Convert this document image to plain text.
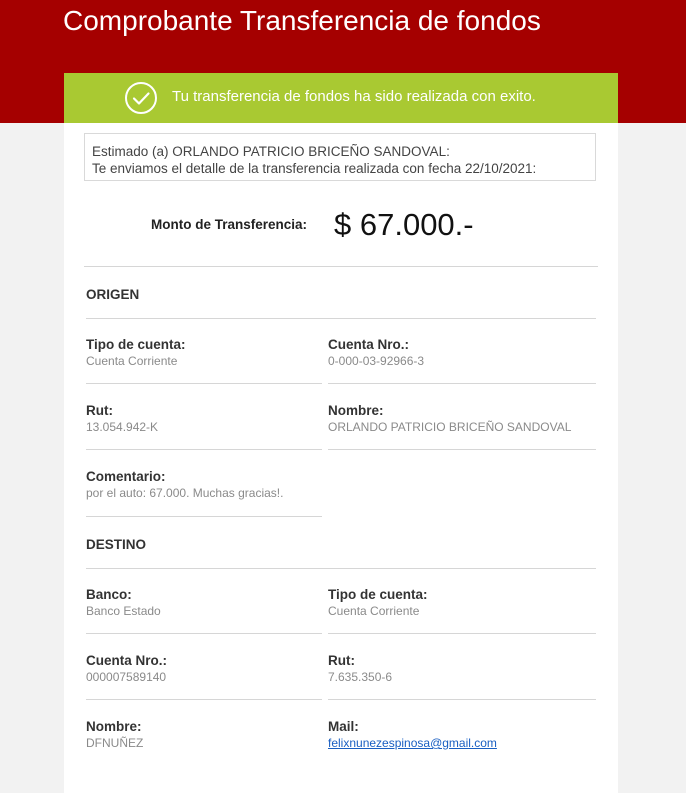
Comprobante Transferencia de fondos
Tu transferencia de fondos ha sido realizada con exito.
Estimado (a) ORLANDO PATRICIO BRICEÑO SANDOVAL:
Te enviamos el detalle de la transferencia realizada con fecha 22/10/2021:
Monto de Transferencia: $ 67.000.-
ORIGEN
Tipo de cuenta:
Cuenta Corriente
Cuenta Nro.:
0-000-03-92966-3
Rut:
13.054.942-K
Nombre:
ORLANDO PATRICIO BRICEÑO SANDOVAL
Comentario:
por el auto: 67.000. Muchas gracias!.
DESTINO
Banco:
Banco Estado
Tipo de cuenta:
Cuenta Corriente
Cuenta Nro.:
000007589140
Rut:
7.635.350-6
Nombre:
DFNUÑEZ
Mail:
felixnunezespinosa@gmail.com
